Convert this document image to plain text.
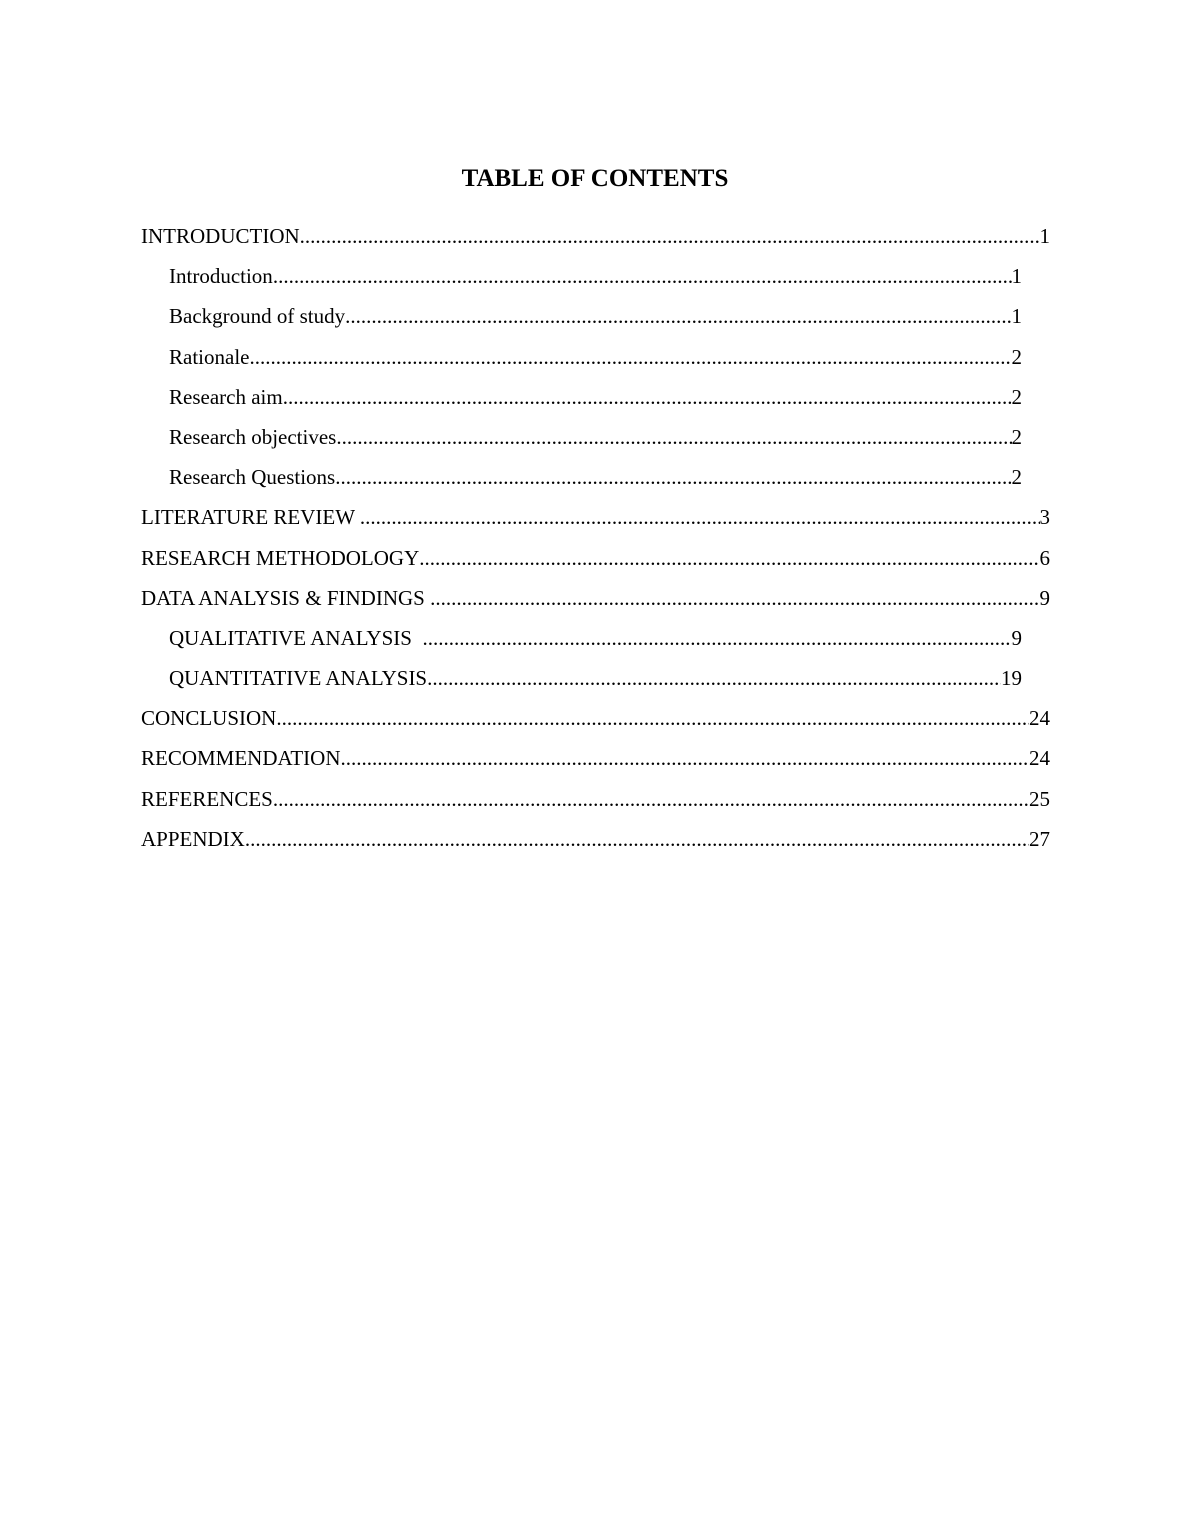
TABLE OF CONTENTS
INTRODUCTION .....	1
Introduction .....	1
Background of study .....	1
Rationale .....	2
Research aim .....	2
Research objectives .....	2
Research Questions .....	2
LITERATURE REVIEW .....	3
RESEARCH METHODOLOGY .....	6
DATA ANALYSIS & FINDINGS .....	9
QUALITATIVE ANALYSIS .....	9
QUANTITATIVE ANALYSIS .....	19
CONCLUSION .....	24
RECOMMENDATION .....	24
REFERENCES .....	25
APPENDIX .....	27
